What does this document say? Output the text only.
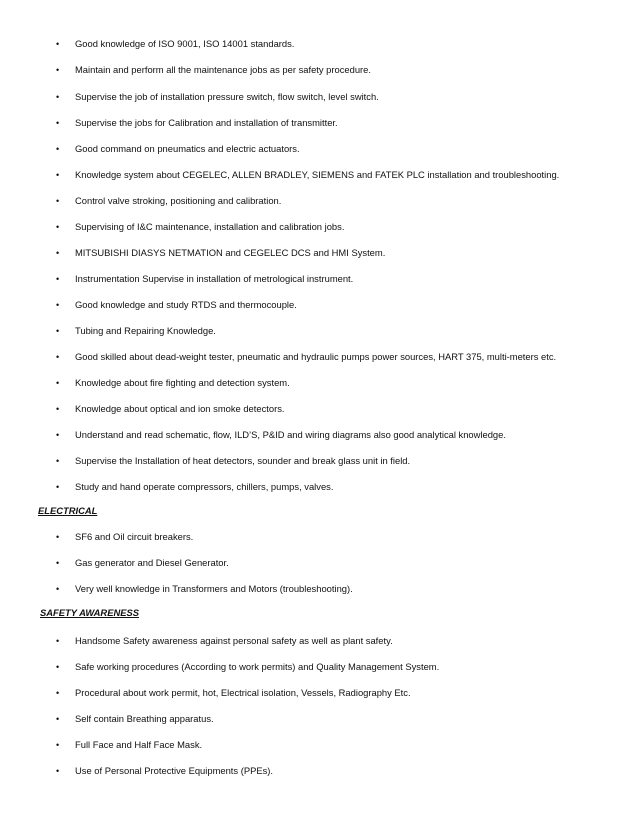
• Good knowledge of ISO 9001, ISO 14001 standards.
• Maintain and perform all the maintenance jobs as per safety procedure.
• Supervise the job of installation pressure switch, flow switch, level switch.
• Supervise the jobs for Calibration and installation of transmitter.
• Good command on pneumatics and electric actuators.
• Knowledge system about CEGELEC, ALLEN BRADLEY, SIEMENS and FATEK PLC installation and troubleshooting.
• Control valve stroking, positioning and calibration.
• Supervising of I&C maintenance, installation and calibration jobs.
• MITSUBISHI DIASYS NETMATION and CEGELEC DCS and HMI System.
• Instrumentation Supervise in installation of metrological instrument.
• Good knowledge and study RTDS and thermocouple.
• Tubing and Repairing Knowledge.
• Good skilled about dead-weight tester, pneumatic and hydraulic pumps power sources, HART 375, multi-meters etc.
• Knowledge about fire fighting and detection system.
• Knowledge about optical and ion smoke detectors.
• Understand and read schematic, flow, ILD’S, P&ID and wiring diagrams also good analytical knowledge.
• Supervise the Installation of heat detectors, sounder and break glass unit in field.
• Study and hand operate compressors, chillers, pumps, valves.
ELECTRICAL
• SF6 and Oil circuit breakers.
• Gas generator and Diesel Generator.
• Very well knowledge in Transformers and Motors (troubleshooting).
SAFETY AWARENESS
• Handsome Safety awareness against personal safety as well as plant safety.
• Safe working procedures (According to work permits) and Quality Management System.
• Procedural about work permit, hot, Electrical isolation, Vessels, Radiography Etc.
• Self contain Breathing apparatus.
• Full Face and Half Face Mask.
• Use of Personal Protective Equipments (PPEs).
